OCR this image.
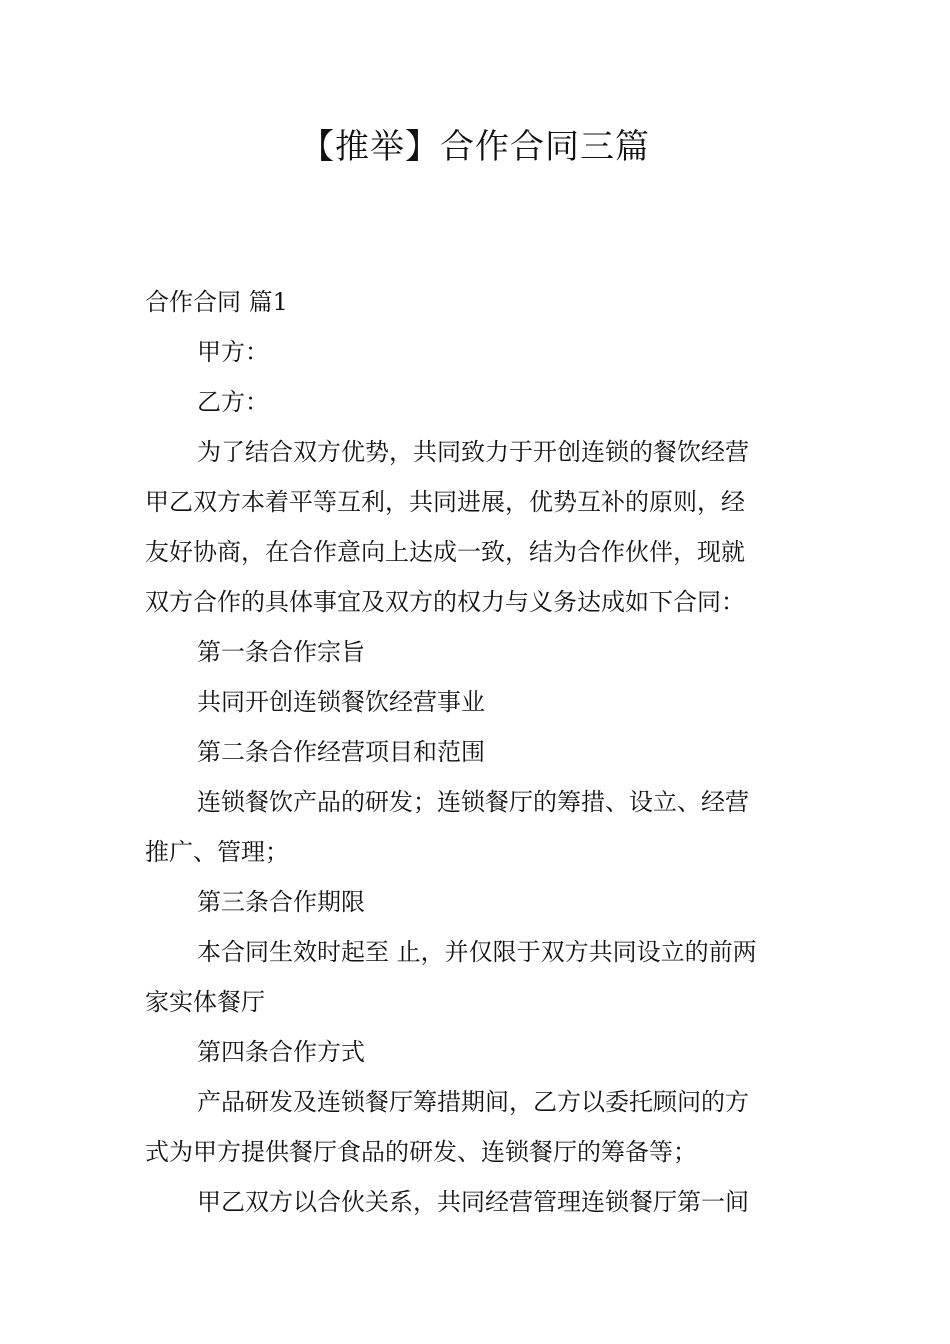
【推举】合作合同三篇
合作合同 篇1
甲方：
乙方：
为了结合双方优势，共同致力于开创连锁的餐饮经营
甲乙双方本着平等互利，共同进展，优势互补的原则，经
友好协商，在合作意向上达成一致，结为合作伙伴，现就
双方合作的具体事宜及双方的权力与义务达成如下合同：
第一条合作宗旨
共同开创连锁餐饮经营事业
第二条合作经营项目和范围
连锁餐饮产品的研发；连锁餐厅的筹措、设立、经营
推广、管理；
第三条合作期限
本合同生效时起至 止，并仅限于双方共同设立的前两
家实体餐厅
第四条合作方式
产品研发及连锁餐厅筹措期间，乙方以委托顾问的方
式为甲方提供餐厅食品的研发、连锁餐厅的筹备等；
甲乙双方以合伙关系，共同经营管理连锁餐厅第一间
